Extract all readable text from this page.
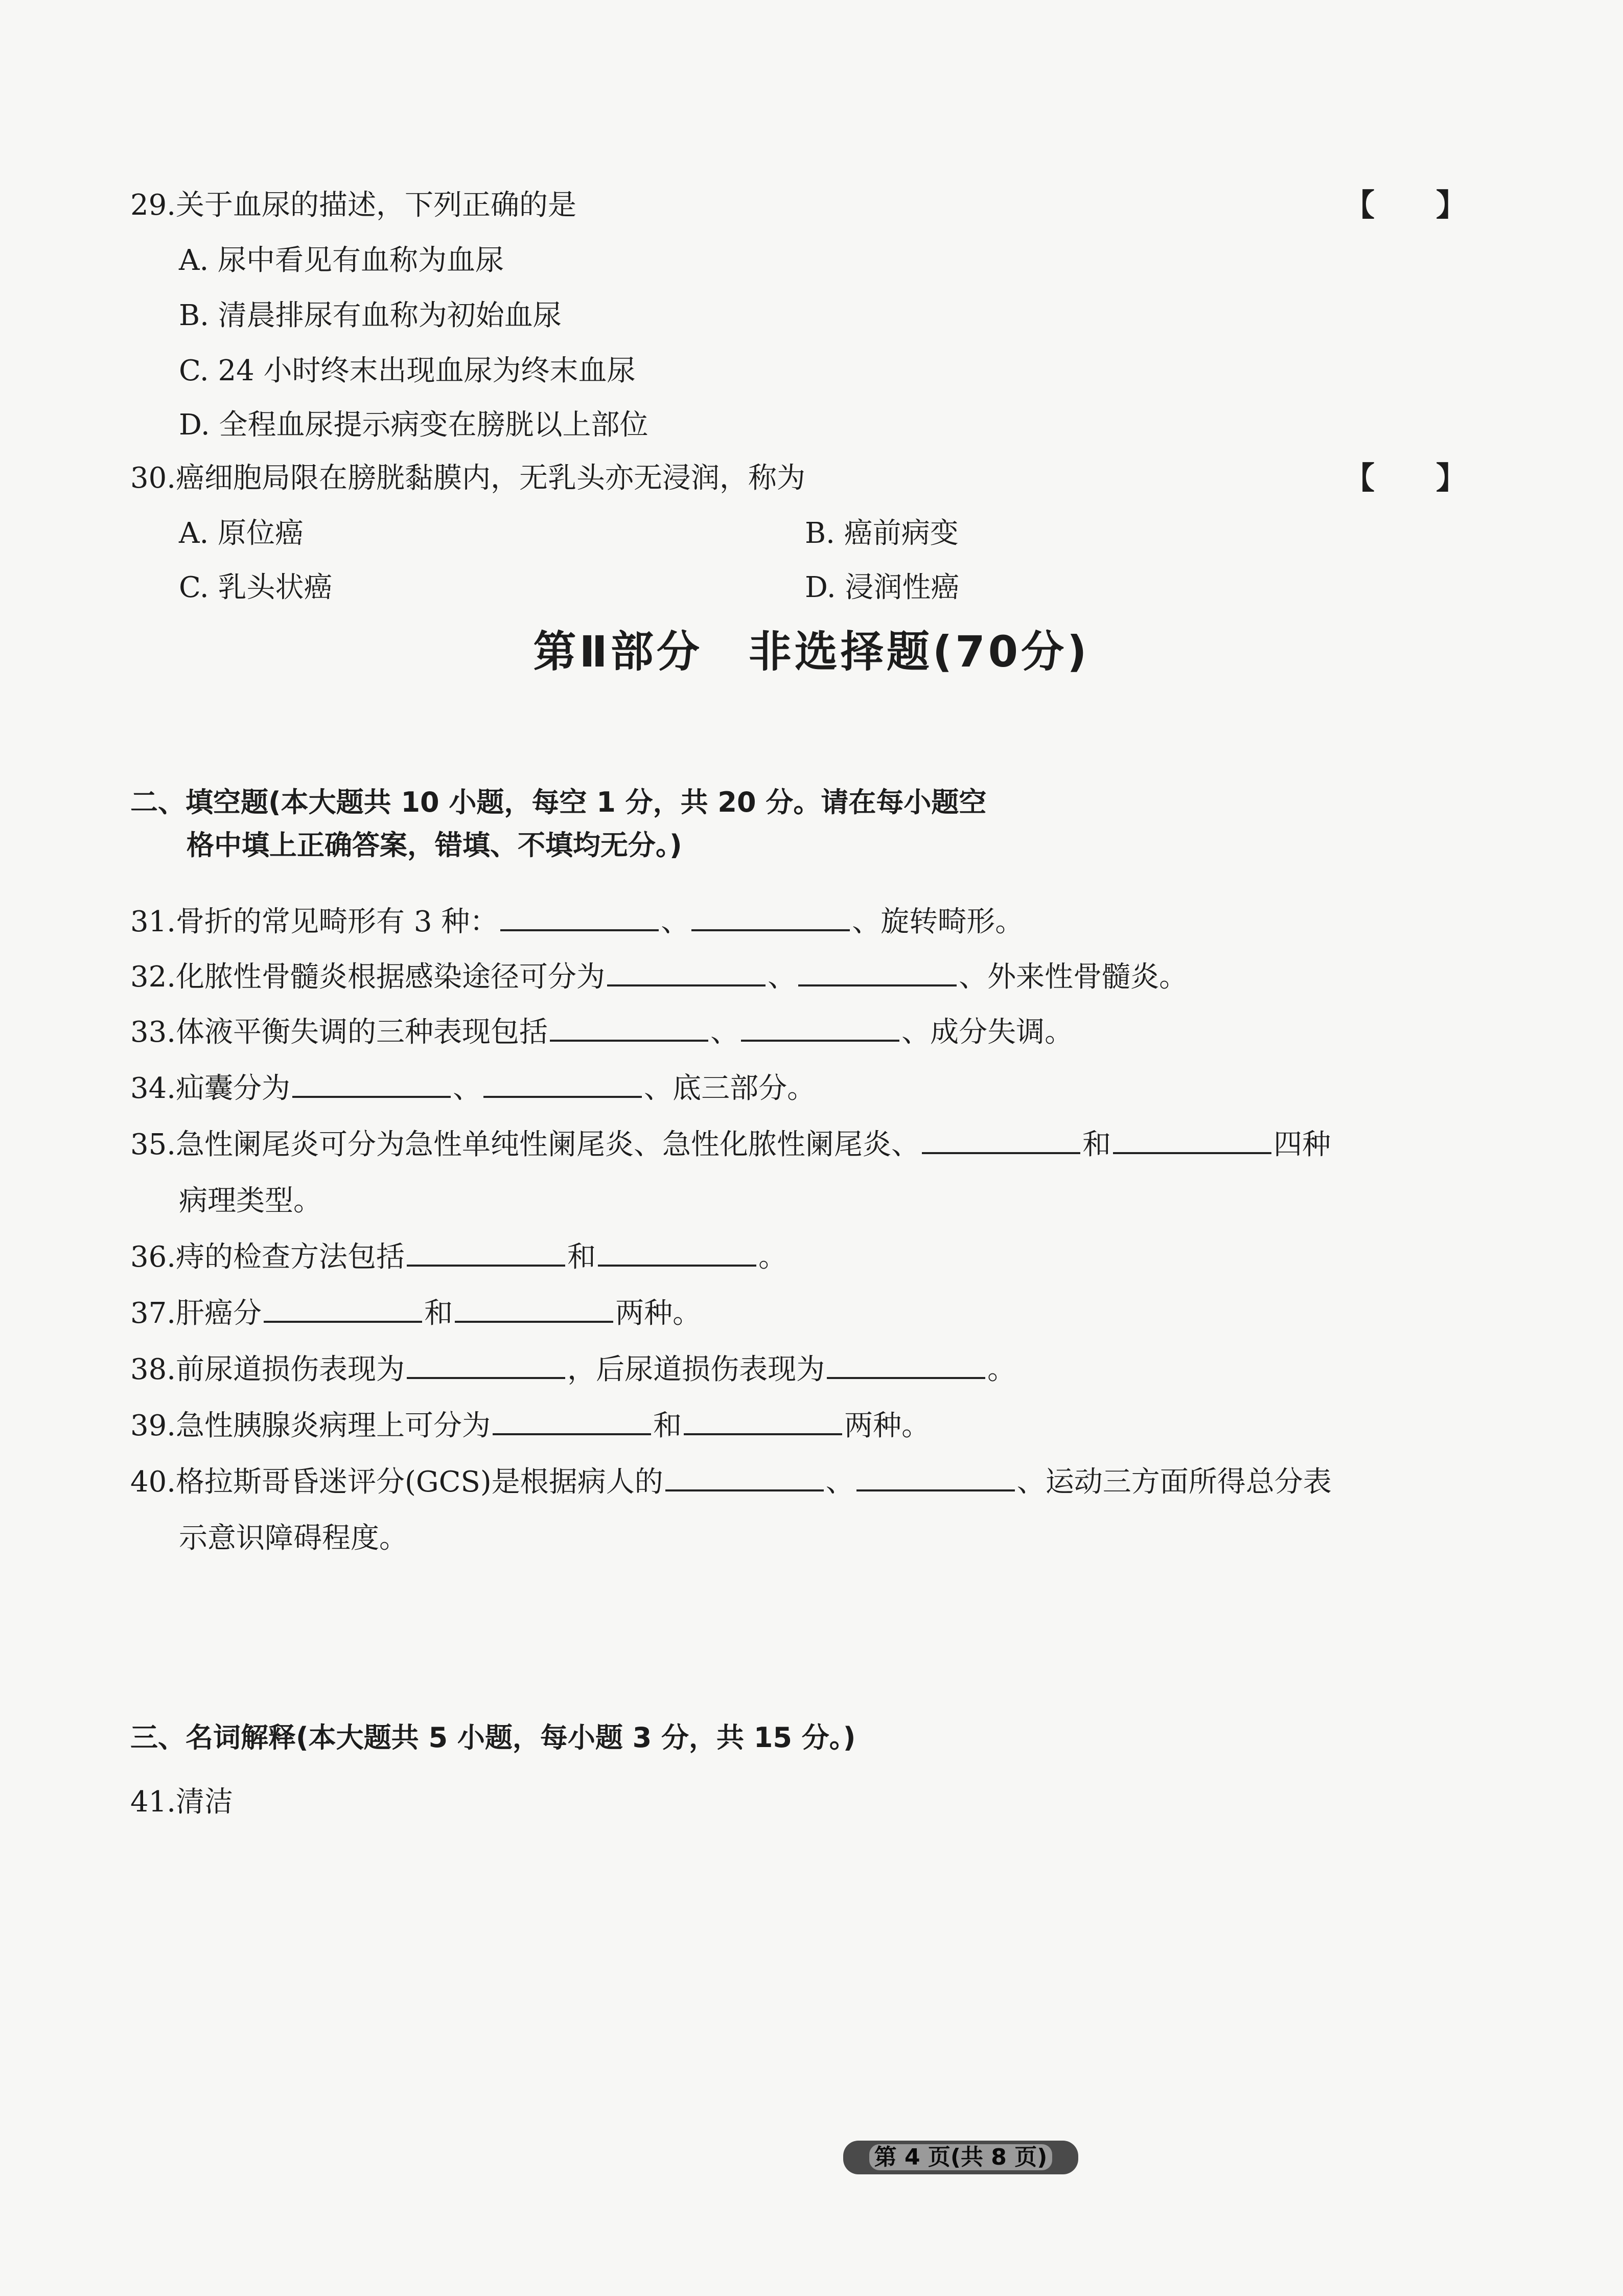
29.关于血尿的描述，下列正确的是	【　　】
A. 尿中看见有血称为血尿
B. 清晨排尿有血称为初始血尿
C. 24 小时终末出现血尿为终末血尿
D. 全程血尿提示病变在膀胱以上部位
30.癌细胞局限在膀胱黏膜内，无乳头亦无浸润，称为	【　　】
A. 原位癌	B. 癌前病变
C. 乳头状癌	D. 浸润性癌
第Ⅱ部分　非选择题(70分)
二、填空题(本大题共 10 小题，每空 1 分，共 20 分。请在每小题空
格中填上正确答案，错填、不填均无分。)
31.骨折的常见畸形有 3 种：	、	、旋转畸形。
32.化脓性骨髓炎根据感染途径可分为	、	、外来性骨髓炎。
33.体液平衡失调的三种表现包括	、	、成分失调。
34.疝囊分为	、	、底三部分。
35.急性阑尾炎可分为急性单纯性阑尾炎、急性化脓性阑尾炎、	和	四种
病理类型。
36.痔的检查方法包括	和	。
37.肝癌分	和	两种。
38.前尿道损伤表现为	，后尿道损伤表现为	。
39.急性胰腺炎病理上可分为	和	两种。
40.格拉斯哥昏迷评分(GCS)是根据病人的	、	、运动三方面所得总分表
示意识障碍程度。
三、名词解释(本大题共 5 小题，每小题 3 分，共 15 分。)
41.清洁
第 4 页(共 8 页)
